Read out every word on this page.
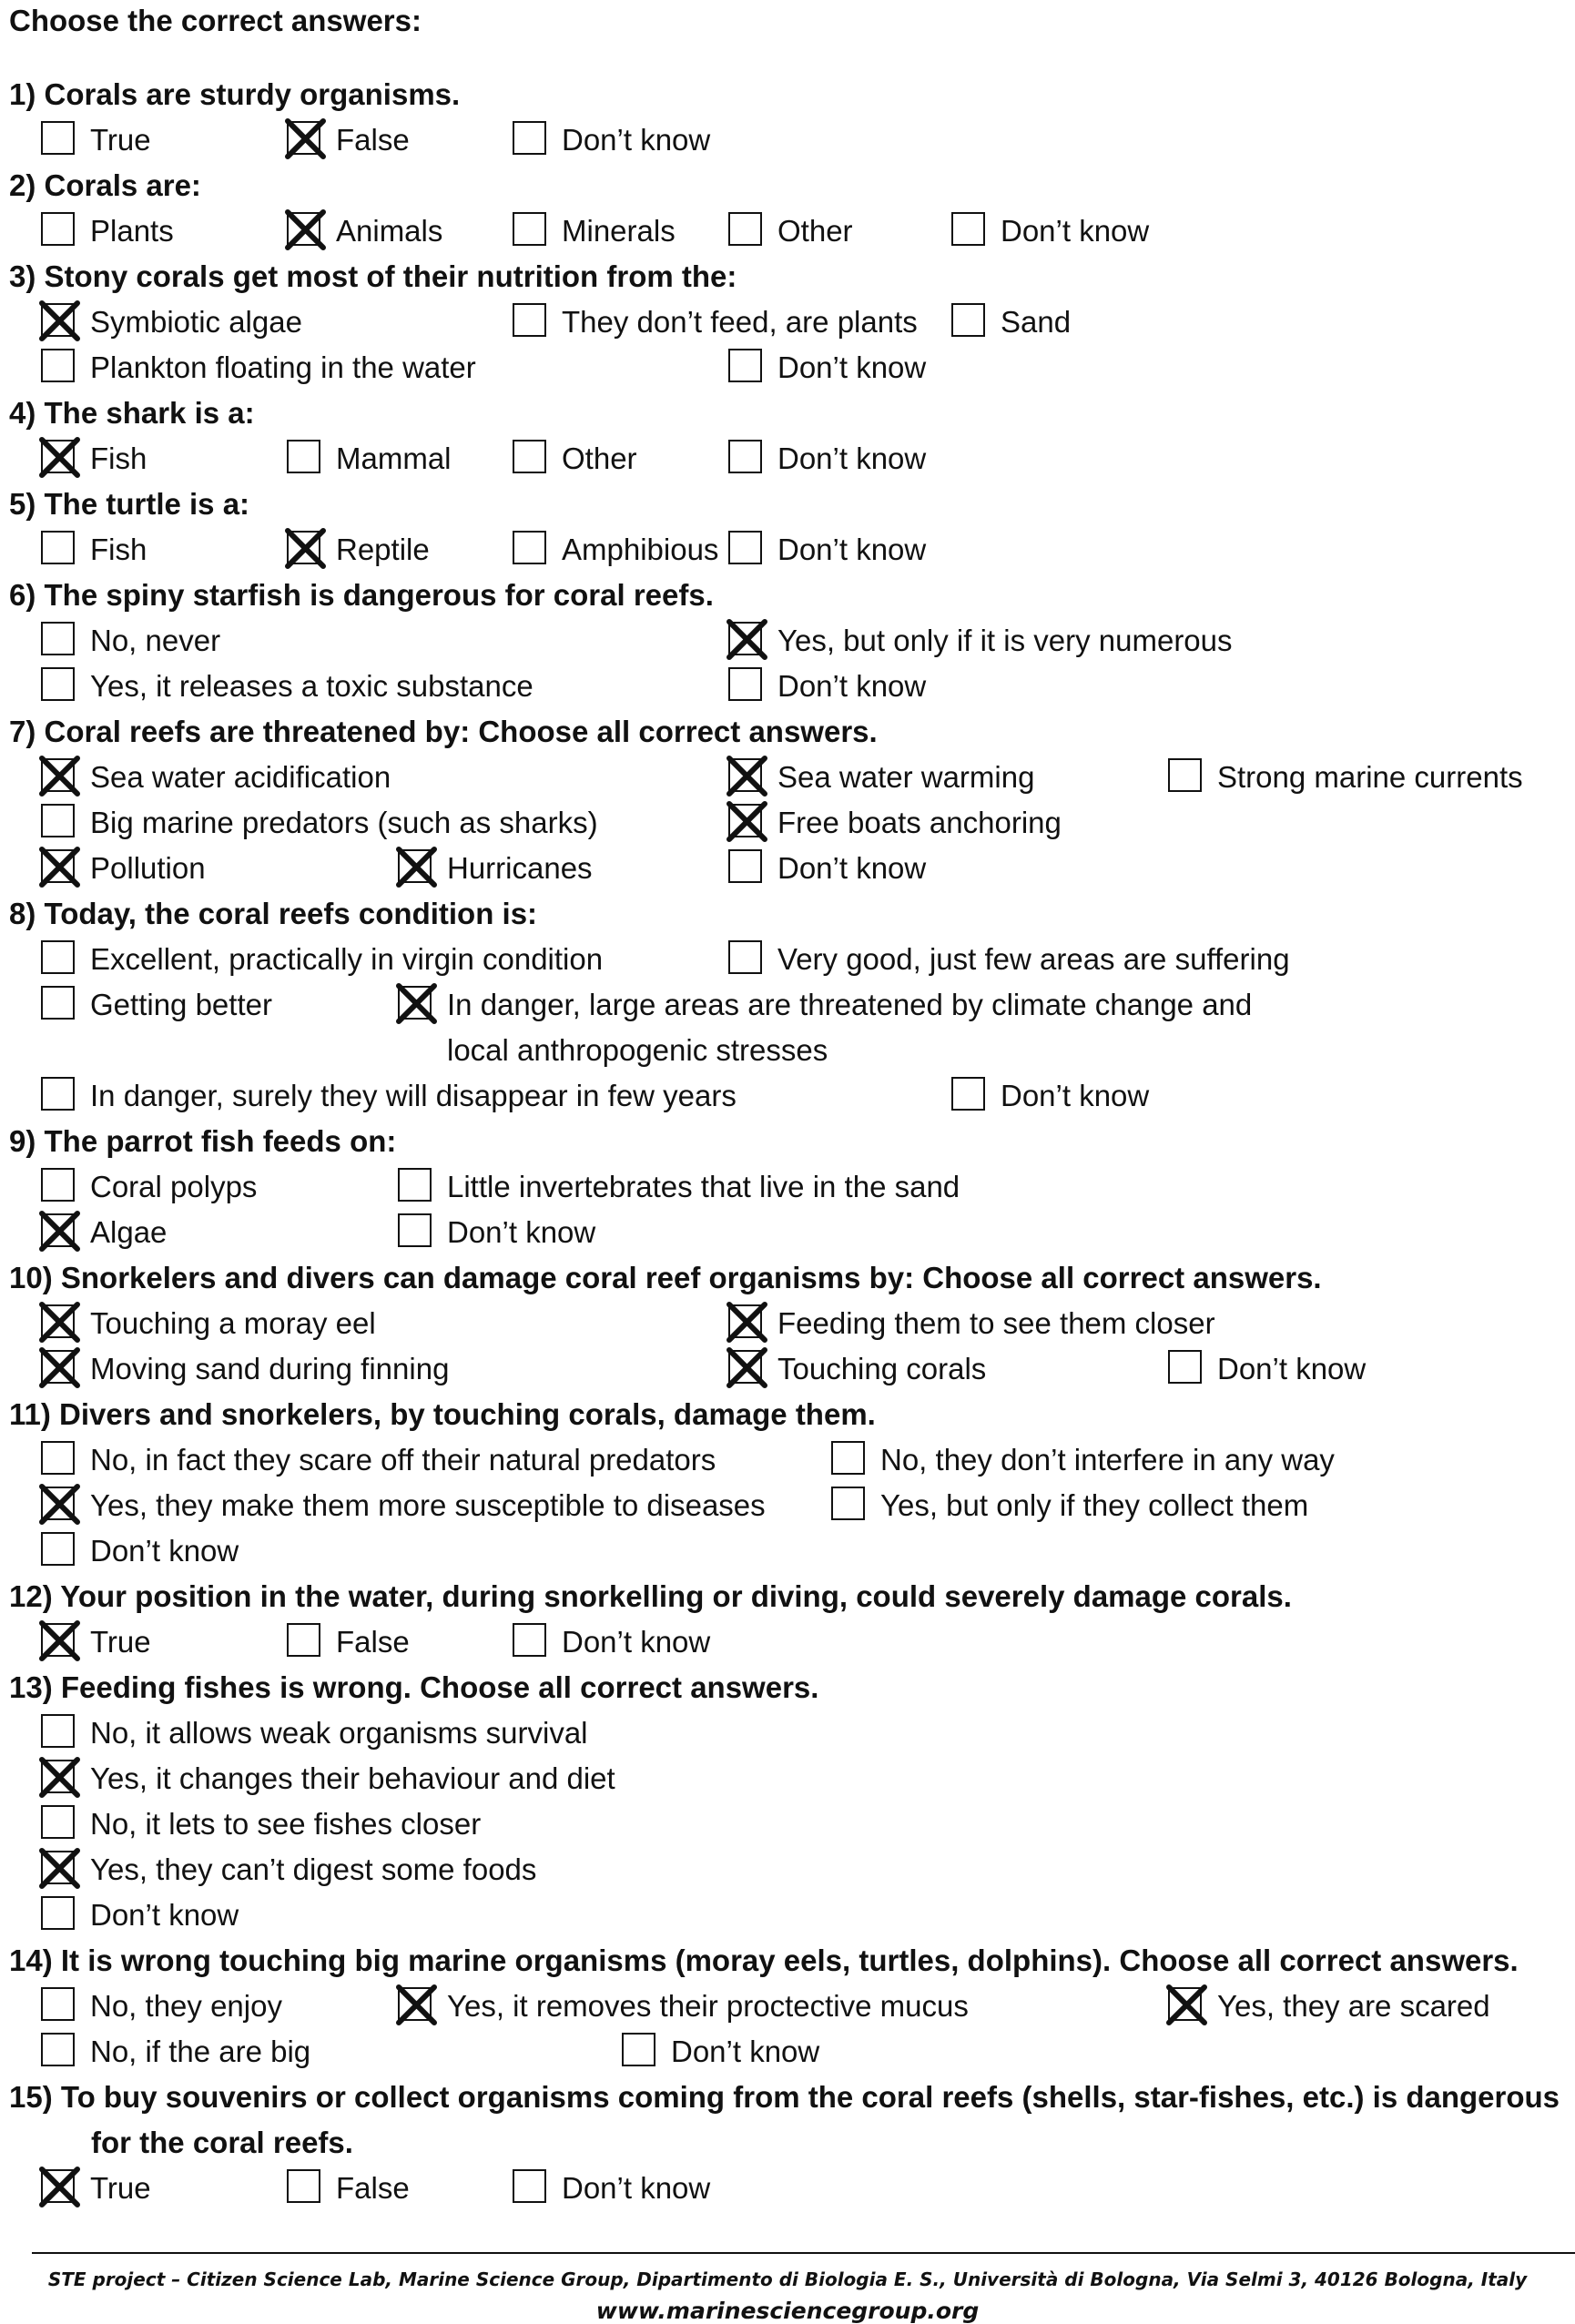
Choose the correct answers:
1) Corals are sturdy organisms.
True	False	Don’t know
2) Corals are:
Plants	Animals	Minerals	Other	Don’t know
3) Stony corals get most of their nutrition from the:
Symbiotic algae	They don’t feed, are plants	Sand
Plankton floating in the water	Don’t know
4) The shark is a:
Fish	Mammal	Other	Don’t know
5) The turtle is a:
Fish	Reptile	Amphibious Don’t know
6) The spiny starfish is dangerous for coral reefs.
No, never	Yes, but only if it is very numerous
Yes, it releases a toxic substance	Don’t know
7) Coral reefs are threatened by: Choose all correct answers.
Sea water acidification	Sea water warming	Strong marine currents
Big marine predators (such as sharks)	Free boats anchoring
Pollution	Hurricanes	Don’t know
8) Today, the coral reefs condition is:
Excellent, practically in virgin condition	Very good, just few areas are suffering
Getting better	In danger, large areas are threatened by climate change and
local anthropogenic stresses
In danger, surely they will disappear in few years	Don’t know
9) The parrot fish feeds on:
Coral polyps	Little invertebrates that live in the sand
Algae	Don’t know
10) Snorkelers and divers can damage coral reef organisms by: Choose all correct answers.
Touching a moray eel	Feeding them to see them closer
Moving sand during finning	Touching corals	Don’t know
11) Divers and snorkelers, by touching corals, damage them.
No, in fact they scare off their natural predators	No, they don’t interfere in any way
Yes, they make them more susceptible to diseases	Yes, but only if they collect them
Don’t know
12) Your position in the water, during snorkelling or diving, could severely damage corals.
True	False	Don’t know
13) Feeding fishes is wrong. Choose all correct answers.
No, it allows weak organisms survival
Yes, it changes their behaviour and diet
No, it lets to see fishes closer
Yes, they can’t digest some foods
Don’t know
14) It is wrong touching big marine organisms (moray eels, turtles, dolphins). Choose all correct answers.
No, they enjoy	Yes, it removes their proctective mucus	Yes, they are scared
No, if the are big	Don’t know
15) To buy souvenirs or collect organisms coming from the coral reefs (shells, star-fishes, etc.) is dangerous
for the coral reefs.
True	False	Don’t know
STE project – Citizen Science Lab, Marine Science Group, Dipartimento di Biologia E. S., Università di Bologna, Via Selmi 3, 40126 Bologna, Italy
www.marinesciencegroup.org
